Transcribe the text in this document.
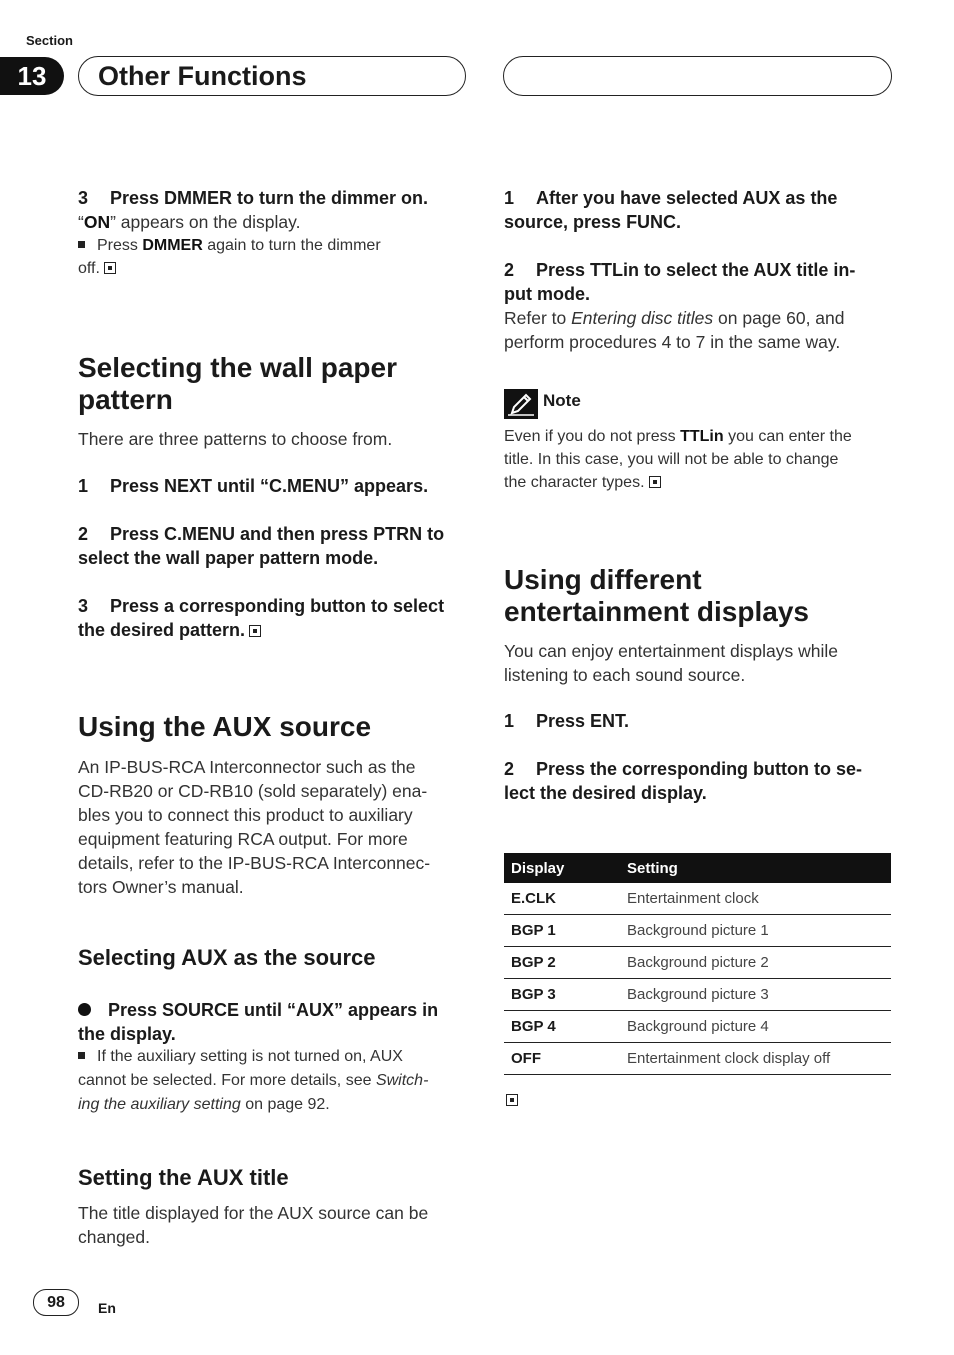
Section
13	Other Functions
3 Press DMMER to turn the dimmer on.
“ON” appears on the display.
Press DMMER again to turn the dimmer
off.
Selecting the wall paper
pattern
There are three patterns to choose from.
1 Press NEXT until “C.MENU” appears.
2 Press C.MENU and then press PTRN to
select the wall paper pattern mode.
3 Press a corresponding button to select
the desired pattern.
Using the AUX source
An IP-BUS-RCA Interconnector such as the
CD-RB20 or CD-RB10 (sold separately) ena-
bles you to connect this product to auxiliary
equipment featuring RCA output. For more
details, refer to the IP-BUS-RCA Interconnec-
tors Owner’s manual.
Selecting AUX as the source
Press SOURCE until “AUX” appears in
the display.
If the auxiliary setting is not turned on, AUX
cannot be selected. For more details, see Switch-
ing the auxiliary setting on page 92.
Setting the AUX title
The title displayed for the AUX source can be
changed.
1 After you have selected AUX as the
source, press FUNC.
2 Press TTLin to select the AUX title in-
put mode.
Refer to Entering disc titles on page 60, and
perform procedures 4 to 7 in the same way.
Note
Even if you do not press TTLin you can enter the
title. In this case, you will not be able to change
the character types.
Using different
entertainment displays
You can enjoy entertainment displays while
listening to each sound source.
1 Press ENT.
2 Press the corresponding button to se-
lect the desired display.
Display	Setting
E.CLK	Entertainment clock
BGP 1	Background picture 1
BGP 2	Background picture 2
BGP 3	Background picture 3
BGP 4	Background picture 4
OFF	Entertainment clock display off
98	En
